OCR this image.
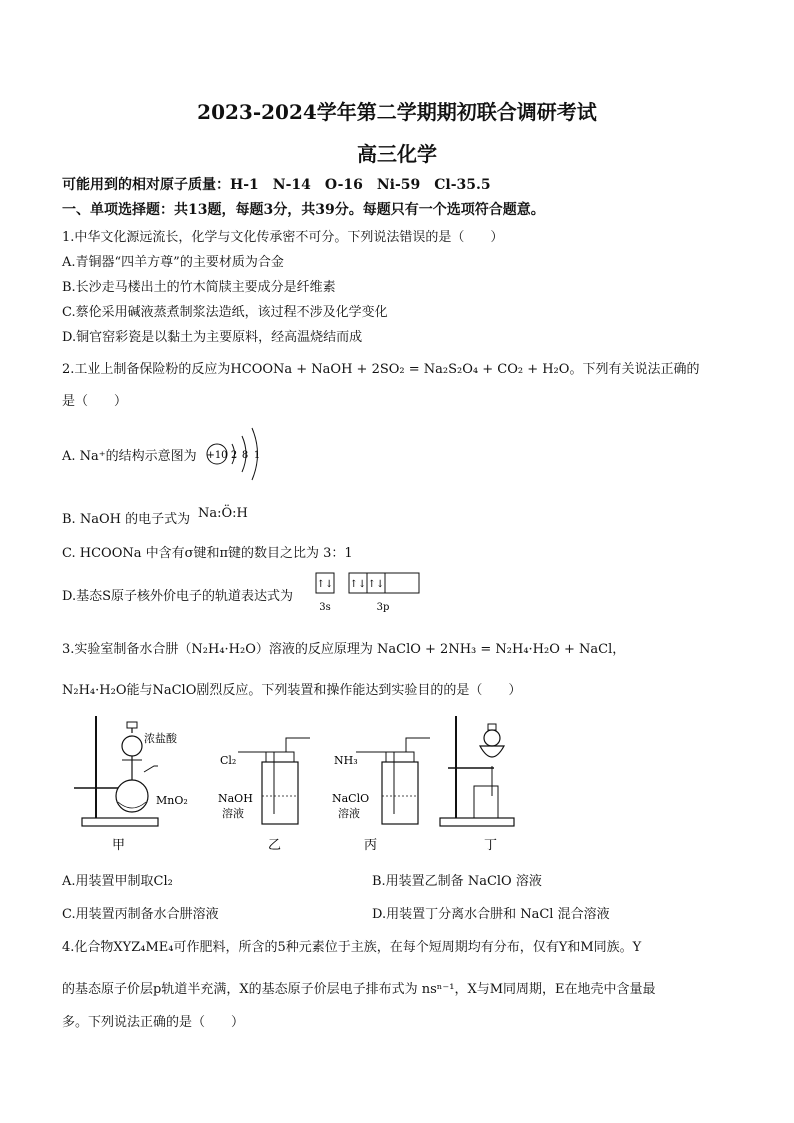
2023-2024学年第二学期期初联合调研考试
高三化学
可能用到的相对原子质量：H-1　N-14　O-16　Ni-59　Cl-35.5
一、单项选择题：共13题，每题3分，共39分。每题只有一个选项符合题意。
1.中华文化源远流长，化学与文化传承密不可分。下列说法错误的是（　　）
A.青铜器“四羊方尊”的主要材质为合金
B.长沙走马楼出土的竹木简牍主要成分是纤维素
C.蔡伦采用碱液蒸煮制浆法造纸，该过程不涉及化学变化
D.铜官窑彩瓷是以黏土为主要原料，经高温烧结而成
2.工业上制备保险粉的反应为HCOONa + NaOH + 2SO₂ = Na₂S₂O₄ + CO₂ + H₂O。下列有关说法正确的
是（　　）
A. Na⁺的结构示意图为 +10 2 8 1
B. NaOH 的电子式为 Na:Ö:H
C. HCOONa 中含有σ键和π键的数目之比为 3：1
D.基态S原子核外价电子的轨道表达式为
↑↓ ↑↓ ↑↓
3s	3p
3.实验室制备水合肼（N₂H₄·H₂O）溶液的反应原理为 NaClO + 2NH₃ = N₂H₄·H₂O + NaCl，
N₂H₄·H₂O能与NaClO剧烈反应。下列装置和操作能达到实验目的的是（　　）
浓盐酸
MnO₂
甲
Cl₂
NaOH
溶液
乙
NH₃
NaClO
溶液
丙	丁
A.用装置甲制取Cl₂	B.用装置乙制备 NaClO 溶液
C.用装置丙制备水合肼溶液	D.用装置丁分离水合肼和 NaCl 混合溶液
4.化合物XYZ₄ME₄可作肥料，所含的5种元素位于主族，在每个短周期均有分布，仅有Y和M同族。Y
的基态原子价层p轨道半充满，X的基态原子价层电子排布式为 nsⁿ⁻¹，X与M同周期，E在地壳中含量最
多。下列说法正确的是（　　）
